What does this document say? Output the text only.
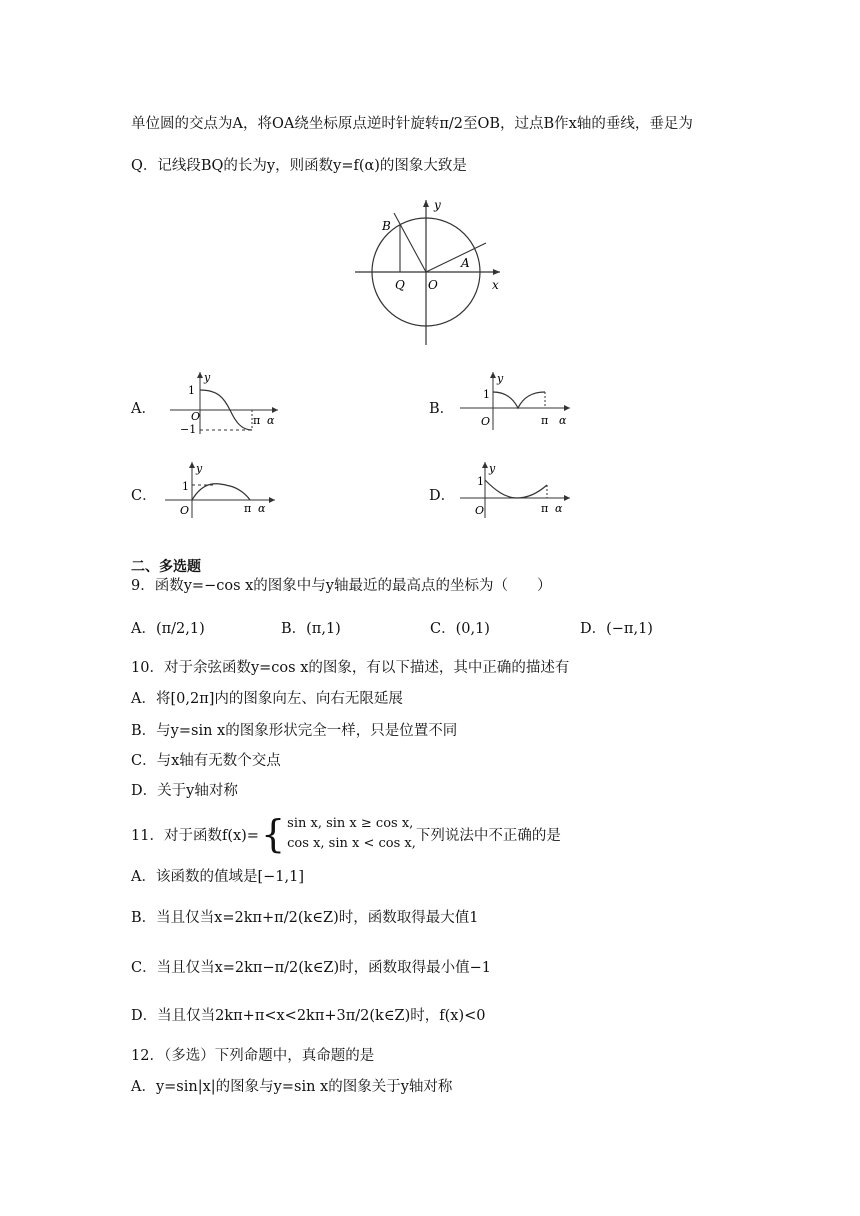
单位圆的交点为A，将OA绕坐标原点逆时针旋转π/2至OB，过点B作x轴的垂线，垂足为
Q．记线段BQ的长为y，则函数y=f(α)的图象大致是
B
y
A
Q O	x
A．
1
−1
O	π α
y
B．
1
O	π α
y
C．
1
O	π α
y
D．
1
O	π α
y
二、多选题
9．函数y=−cos x的图象中与y轴最近的最高点的坐标为（　　）
A．(π/2,1)	B．(π,1)	C．(0,1)	D．(−π,1)
10．对于余弦函数y=cos x的图象，有以下描述，其中正确的描述有
A．将[0,2π]内的图象向左、向右无限延展
B．与y=sin x的图象形状完全一样，只是位置不同
C．与x轴有无数个交点
D．关于y轴对称
11．对于函数f(x)= { sin x, sin x ≥ cos x,
cos x, sin x < cos x, 下列说法中不正确的是
A．该函数的值域是[−1,1]
B．当且仅当x=2kπ+π/2(k∈Z)时，函数取得最大值1
C．当且仅当x=2kπ−π/2(k∈Z)时，函数取得最小值−1
D．当且仅当2kπ+π<x<2kπ+3π/2(k∈Z)时，f(x)<0
12．（多选）下列命题中，真命题的是
A．y=sin|x|的图象与y=sin x的图象关于y轴对称
